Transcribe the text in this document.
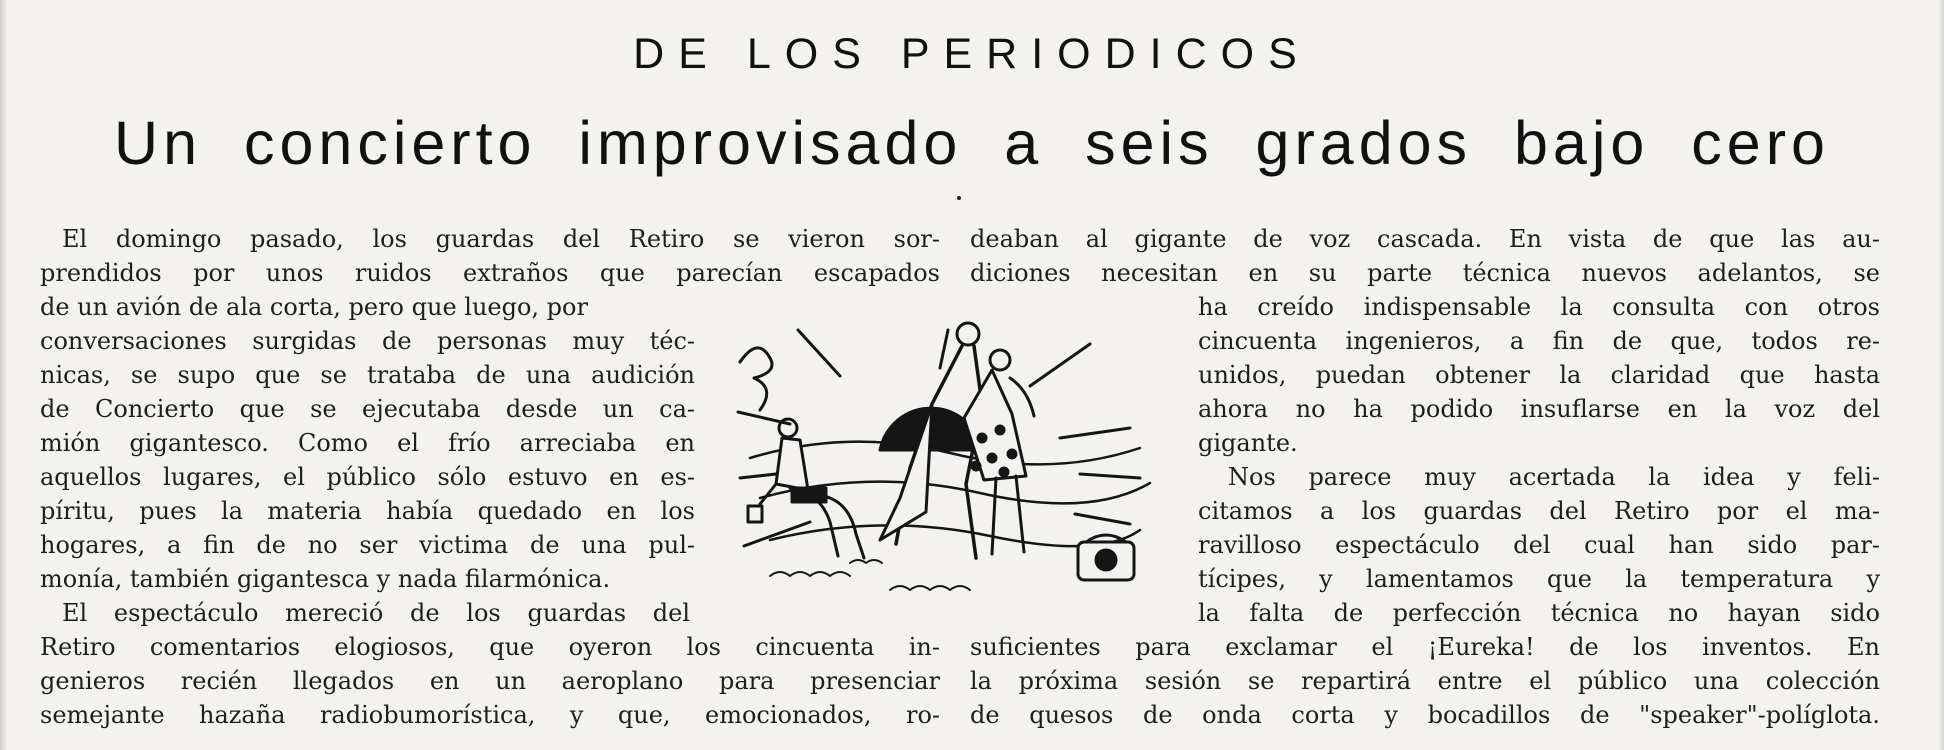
DE LOS PERIODICOS
Un concierto improvisado a seis grados bajo cero
El domingo pasado, los guardas del Retiro se vieron sor-
prendidos por unos ruidos extraños que parecían escapados
de un avión de ala corta, pero que luego, por
conversaciones surgidas de personas muy téc-
nicas, se supo que se trataba de una audición
de Concierto que se ejecutaba desde un ca-
mión gigantesco. Como el frío arreciaba en
aquellos lugares, el público sólo estuvo en es-
píritu, pues la materia había quedado en los
hogares, a fin de no ser victima de una pul-
monía, también gigantesca y nada filarmónica.
El espectáculo mereció de los guardas del
Retiro comentarios elogiosos, que oyeron los cincuenta in-
genieros recién llegados en un aeroplano para presenciar
semejante hazaña radiobumorística, y que, emocionados, ro-
deaban al gigante de voz cascada. En vista de que las au-
diciones necesitan en su parte técnica nuevos adelantos, se
ha creído indispensable la consulta con otros
cincuenta ingenieros, a fin de que, todos re-
unidos, puedan obtener la claridad que hasta
ahora no ha podido insuflarse en la voz del
gigante.
Nos parece muy acertada la idea y feli-
citamos a los guardas del Retiro por el ma-
ravilloso espectáculo del cual han sido par-
tícipes, y lamentamos que la temperatura y
la falta de perfección técnica no hayan sido
suficientes para exclamar el ¡Eureka! de los inventos. En
la próxima sesión se repartirá entre el público una colección
de quesos de onda corta y bocadillos de "speaker"-políglota.
